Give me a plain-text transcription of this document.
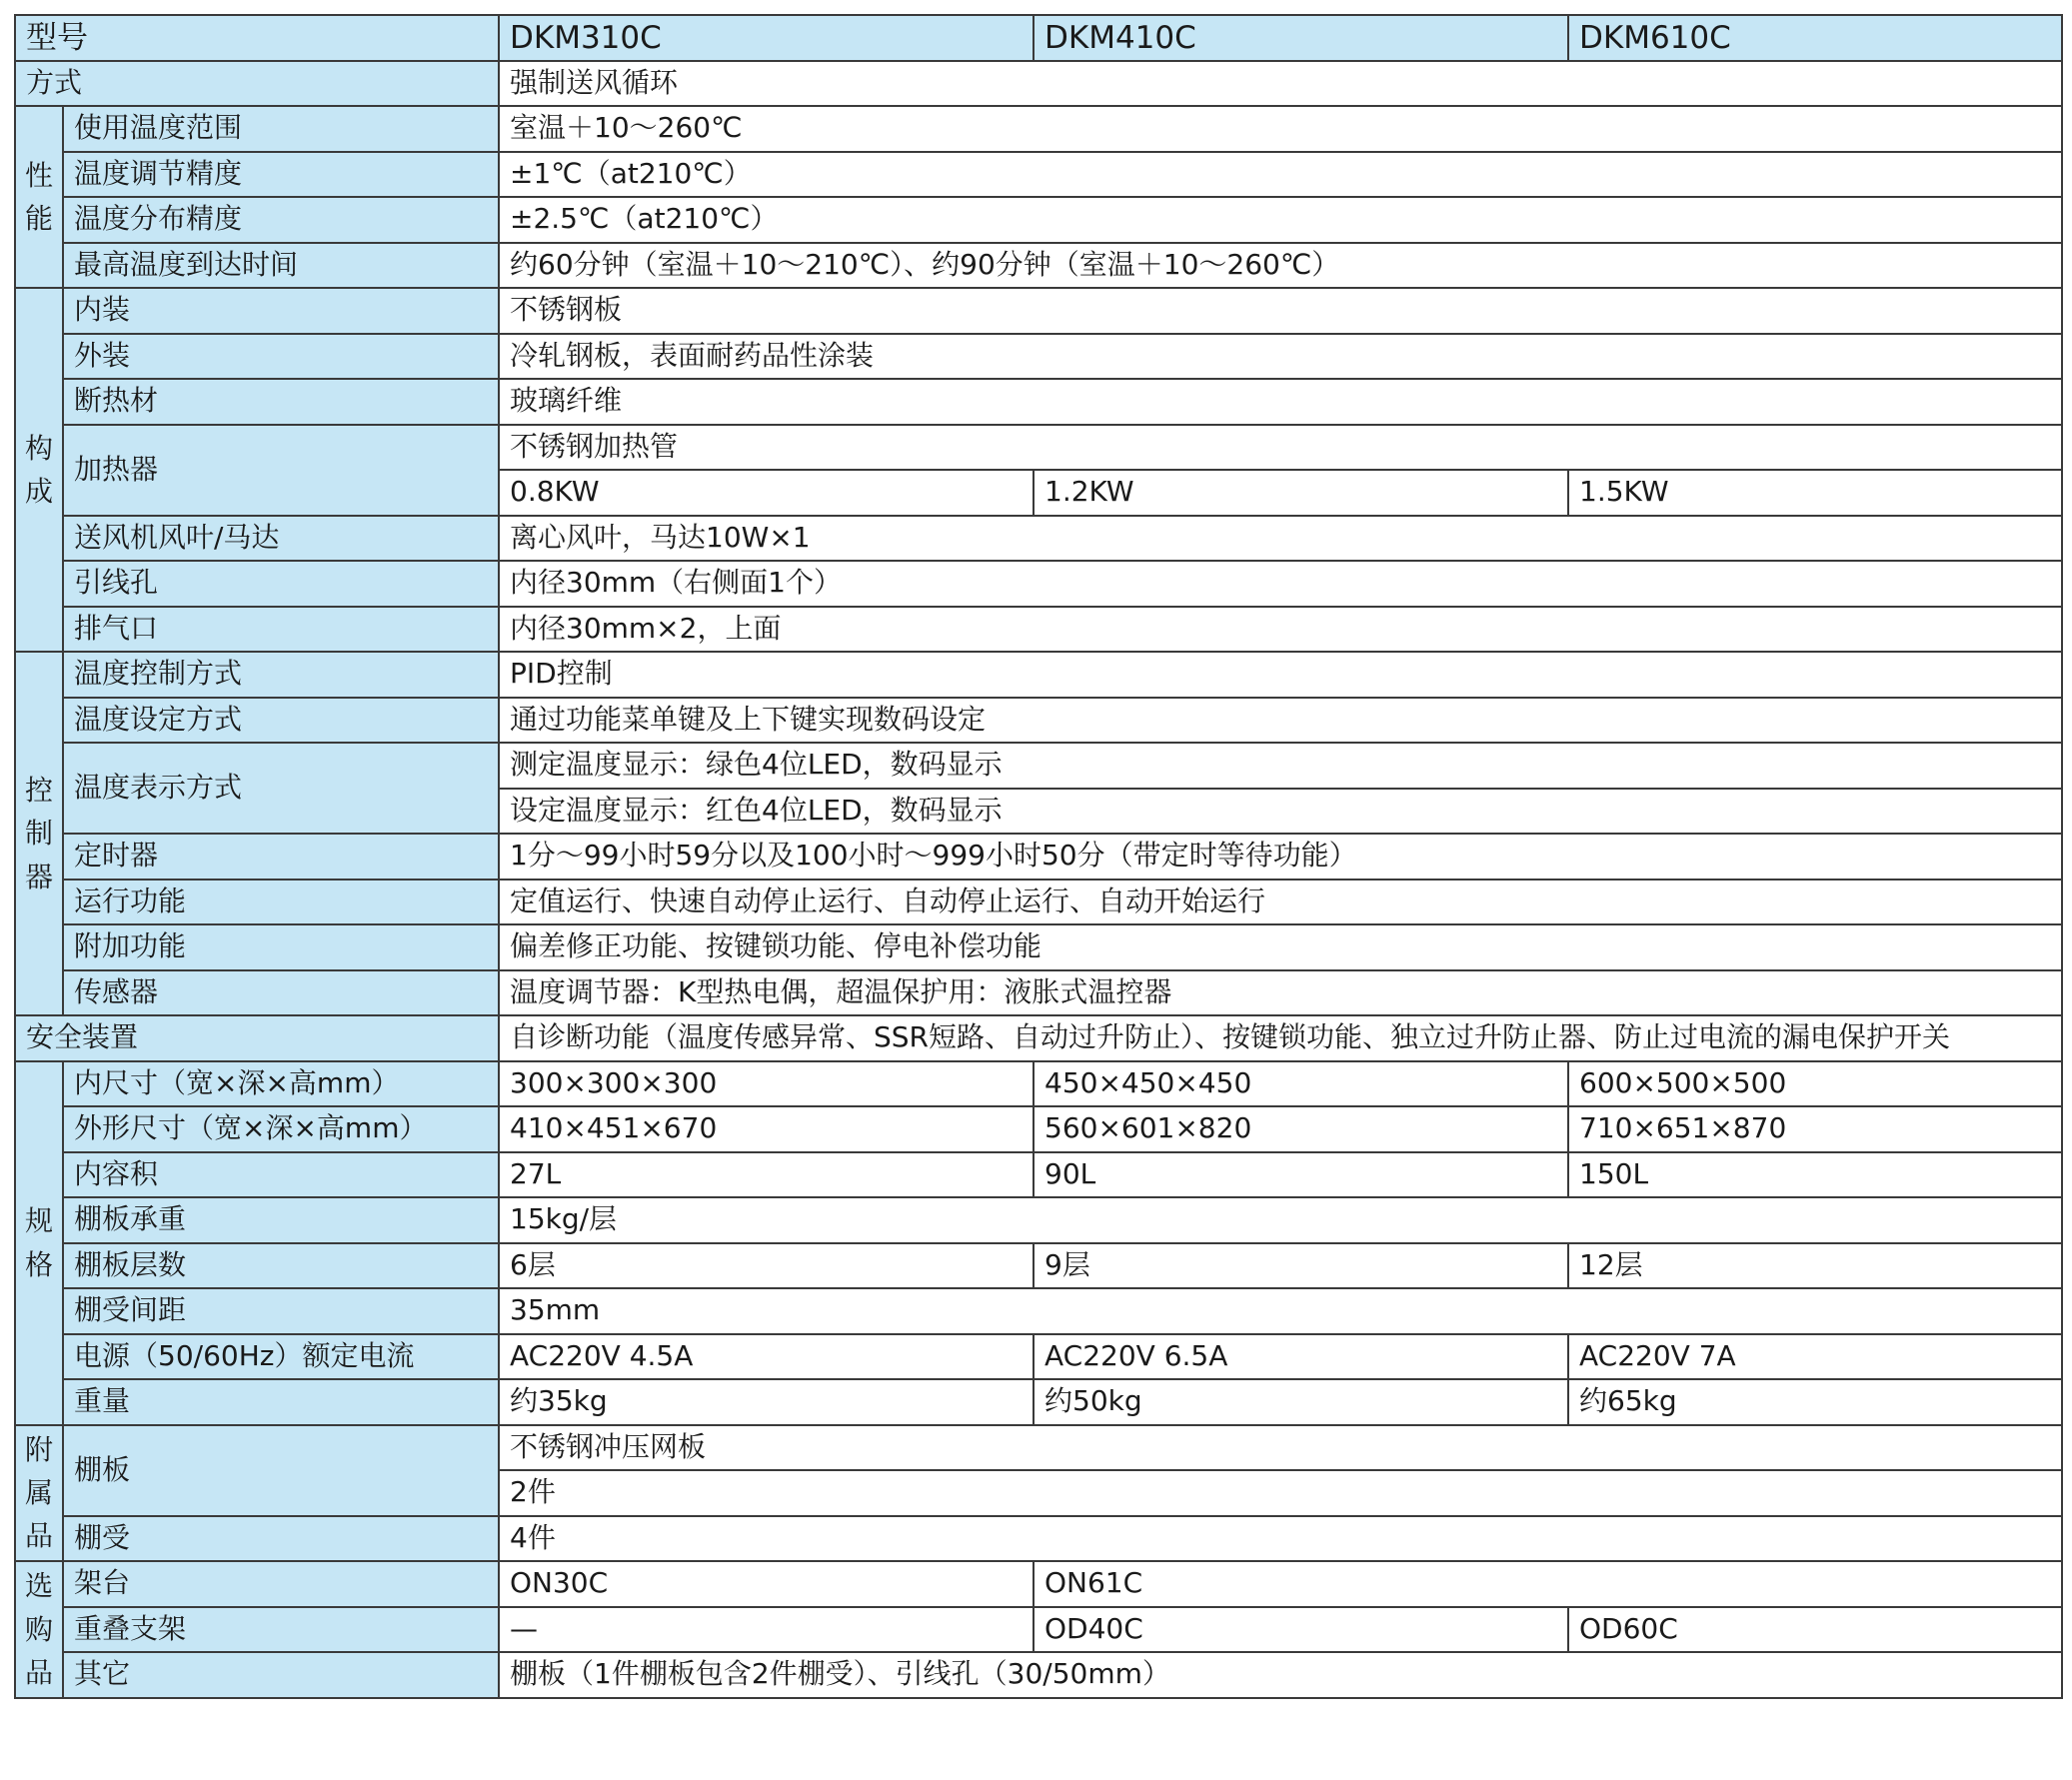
型号		DKM310C	DKM410C	DKM610C
方式		强制送风循环		

性
能	使用温度范围	室温＋10～260℃		
	温度调节精度	±1℃（at210℃）		
	温度分布精度	±2.5℃（at210℃）		
	最高温度到达时间	约60分钟（室温＋10～210℃）、约90分钟（室温＋10～260℃）		

构
成	内装	不锈钢板		
	外装	冷轧钢板，表面耐药品性涂装		
	断热材	玻璃纤维		
	加热器	不锈钢加热管		
		0.8KW	1.2KW	1.5KW
	送风机风叶/马达	离心风叶，马达10W×1		
	引线孔	内径30mm（右侧面1个）		
	排气口	内径30mm×2，上面		

控
制
器	温度控制方式	PID控制		
	温度设定方式	通过功能菜单键及上下键实现数码设定		
	温度表示方式	测定温度显示：绿色4位LED，数码显示		
		设定温度显示：红色4位LED，数码显示		
	定时器	1分～99小时59分以及100小时～999小时50分（带定时等待功能）		
	运行功能	定值运行、快速自动停止运行、自动停止运行、自动开始运行		
	附加功能	偏差修正功能、按键锁功能、停电补偿功能		
	传感器	温度调节器：K型热电偶，超温保护用：液胀式温控器		
安全装置		自诊断功能（温度传感异常、SSR短路、自动过升防止）、按键锁功能、独立过升防止器、防止过电流的漏电保护开关		

规
格	内尺寸（宽×深×高mm）	300×300×300	450×450×450	600×500×500
	外形尺寸（宽×深×高mm）	410×451×670	560×601×820	710×651×870
	内容积	27L	90L	150L
	棚板承重	15kg/层		
	棚板层数	6层	9层	12层
	棚受间距	35mm		
	电源（50/60Hz）额定电流	AC220V 4.5A	AC220V 6.5A	AC220V 7A
	重量	约35kg	约50kg	约65kg

附
属
品	棚板	不锈钢冲压网板		
		2件		
	棚受	4件		

选
购
品	架台	ON30C	ON61C	
	重叠支架	—	OD40C	OD60C
	其它	棚板（1件棚板包含2件棚受）、引线孔（30/50mm）		
